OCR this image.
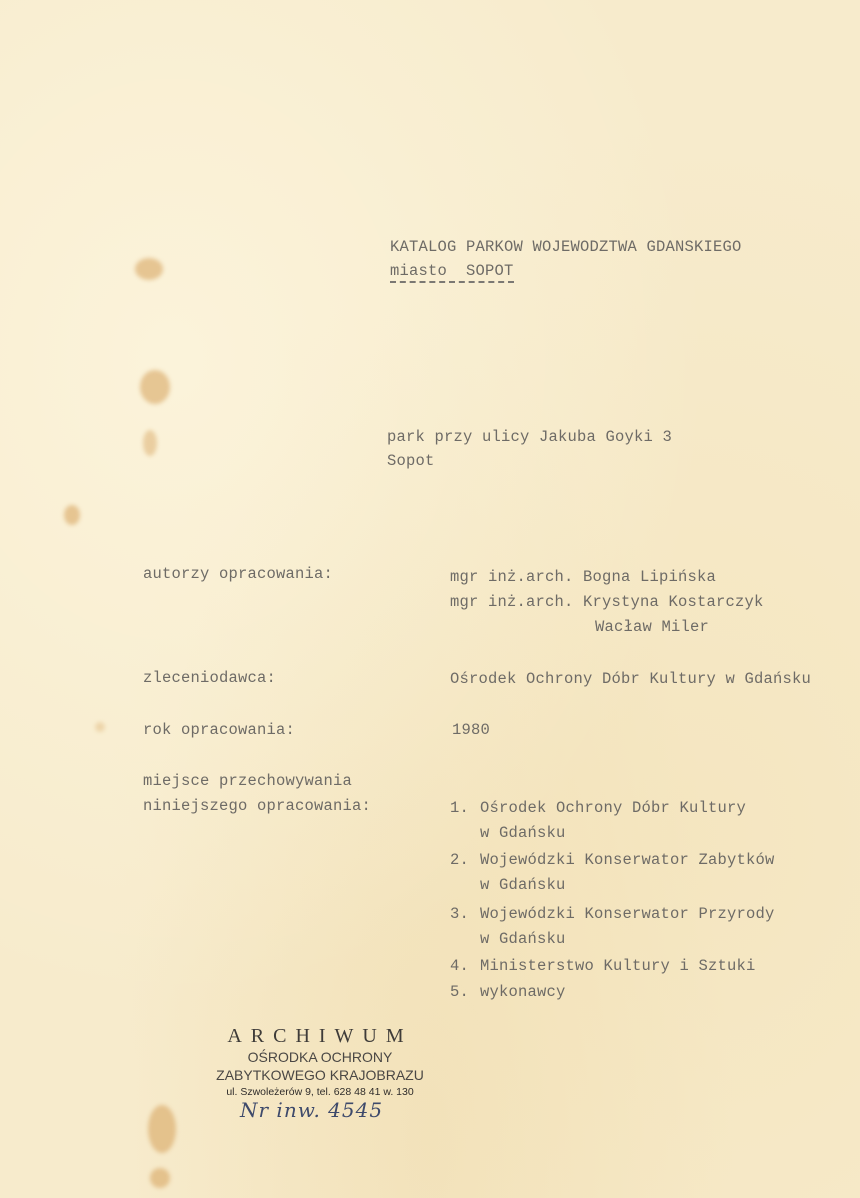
KATALOG PARKOW WOJEWODZTWA GDANSKIEGO
miasto  SOPOT
park przy ulicy Jakuba Goyki 3
Sopot
autorzy opracowania:	mgr inż.arch. Bogna Lipińska
mgr inż.arch. Krystyna Kostarczyk
Wacław Miler
zleceniodawca:	Ośrodek Ochrony Dóbr Kultury w Gdańsku
rok opracowania:	1980
miejsce przechowywania
niniejszego opracowania:	1. Ośrodek Ochrony Dóbr Kultury
w Gdańsku
2. Wojewódzki Konserwator Zabytków
w Gdańsku
3. Wojewódzki Konserwator Przyrody
w Gdańsku
4. Ministerstwo Kultury i Sztuki
5. wykonawcy
ARCHIWUM
OŚRODKA OCHRONY
ZABYTKOWEGO KRAJOBRAZU
ul. Szwoleżerów 9, tel. 628 48 41 w. 130
Nr inw. 4545
